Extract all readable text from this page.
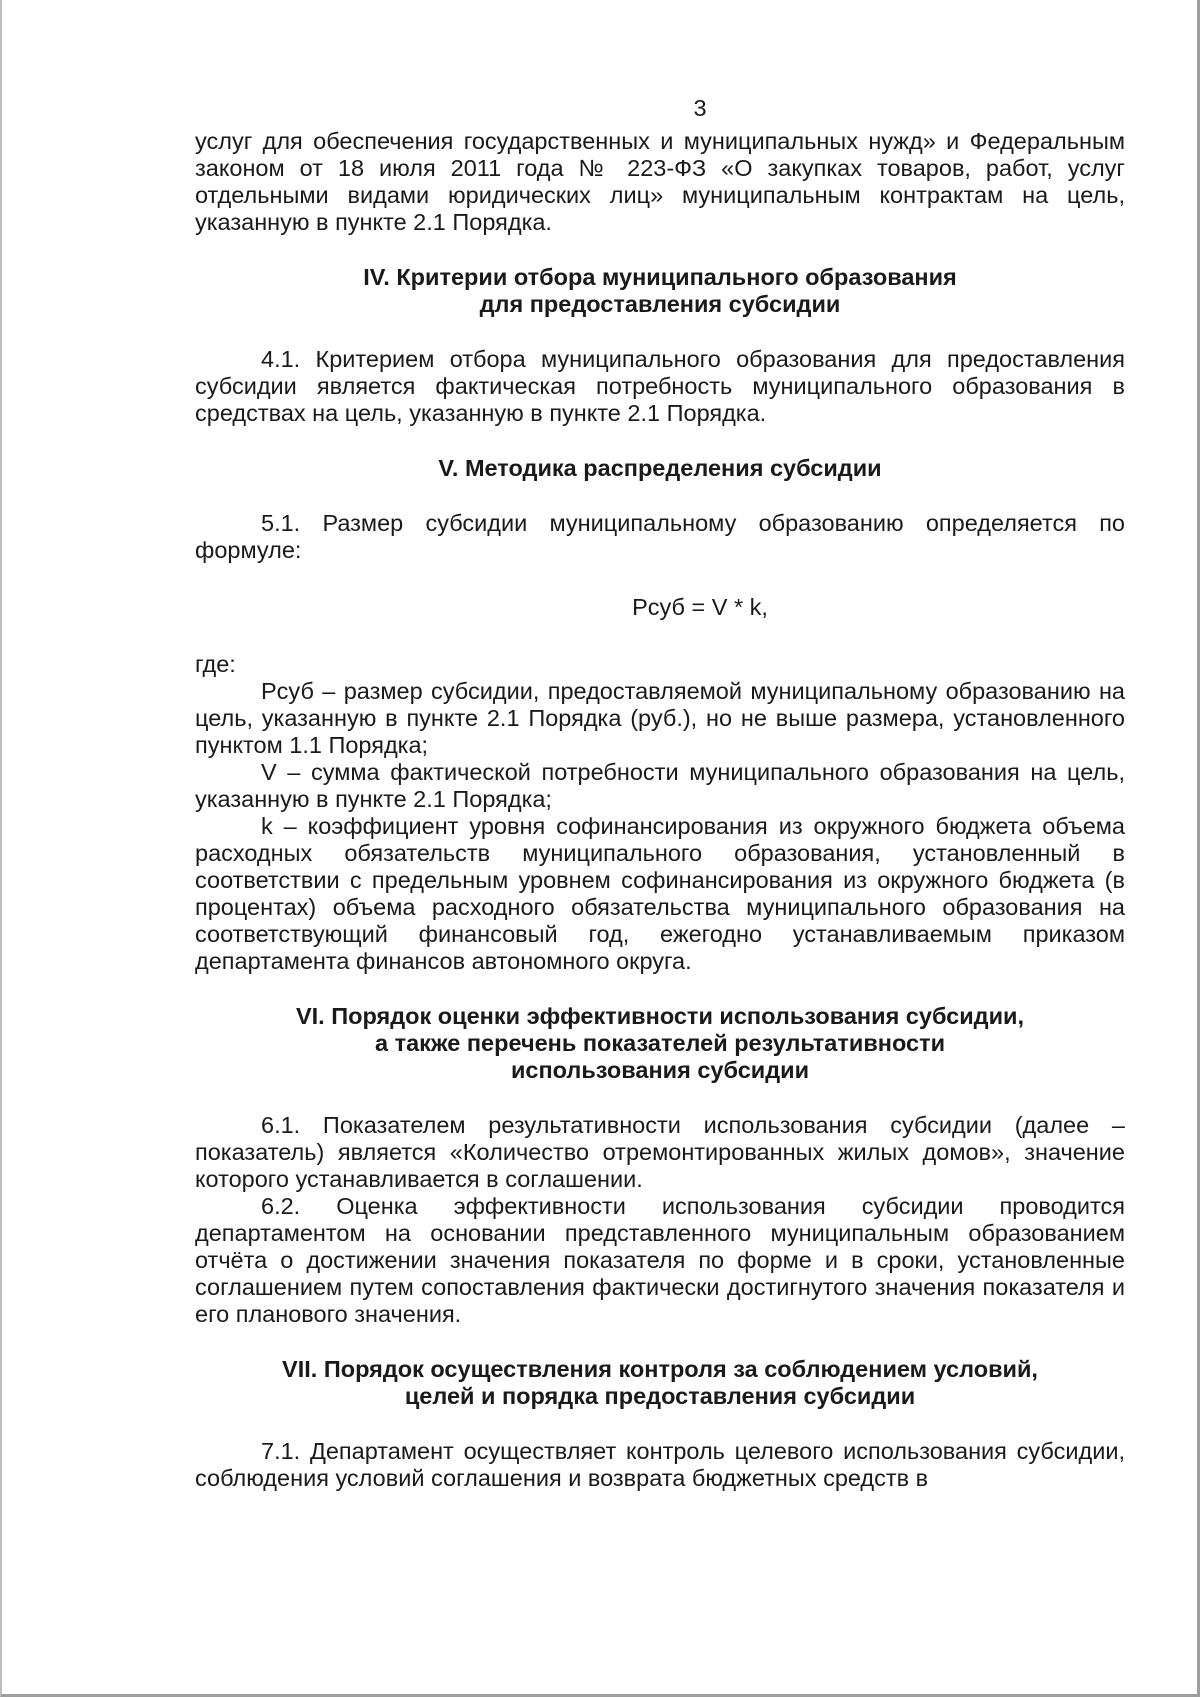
3

услуг для обеспечения государственных и муниципальных нужд» и Федеральным законом от 18 июля 2011 года № 223-ФЗ «О закупках товаров, работ, услуг отдельными видами юридических лиц» муниципальным контрактам на цель, указанную в пункте 2.1 Порядка.

IV. Критерии отбора муниципального образования
для предоставления субсидии

4.1. Критерием отбора муниципального образования для предоставления субсидии является фактическая потребность муниципального образования в средствах на цель, указанную в пункте 2.1 Порядка.

V. Методика распределения субсидии

5.1. Размер субсидии муниципальному образованию определяется по формуле:

Рсуб = V * k,

где:

Рсуб – размер субсидии, предоставляемой муниципальному образованию на цель, указанную в пункте 2.1 Порядка (руб.), но не выше размера, установленного пунктом 1.1 Порядка;

V – сумма фактической потребности муниципального образования на цель, указанную в пункте 2.1 Порядка;

k – коэффициент уровня софинансирования из окружного бюджета объема расходных обязательств муниципального образования, установленный в соответствии с предельным уровнем софинансирования из окружного бюджета (в процентах) объема расходного обязательства муниципального образования на соответствующий финансовый год, ежегодно устанавливаемым приказом департамента финансов автономного округа.

VI. Порядок оценки эффективности использования субсидии,
а также перечень показателей результативности
использования субсидии

6.1. Показателем результативности использования субсидии (далее – показатель) является «Количество отремонтированных жилых домов», значение которого устанавливается в соглашении.

6.2. Оценка эффективности использования субсидии проводится департаментом на основании представленного муниципальным образованием отчёта о достижении значения показателя по форме и в сроки, установленные соглашением путем сопоставления фактически достигнутого значения показателя и его планового значения.

VII. Порядок осуществления контроля за соблюдением условий,
целей и порядка предоставления субсидии

7.1. Департамент осуществляет контроль целевого использования субсидии, соблюдения условий соглашения и возврата бюджетных средств в
